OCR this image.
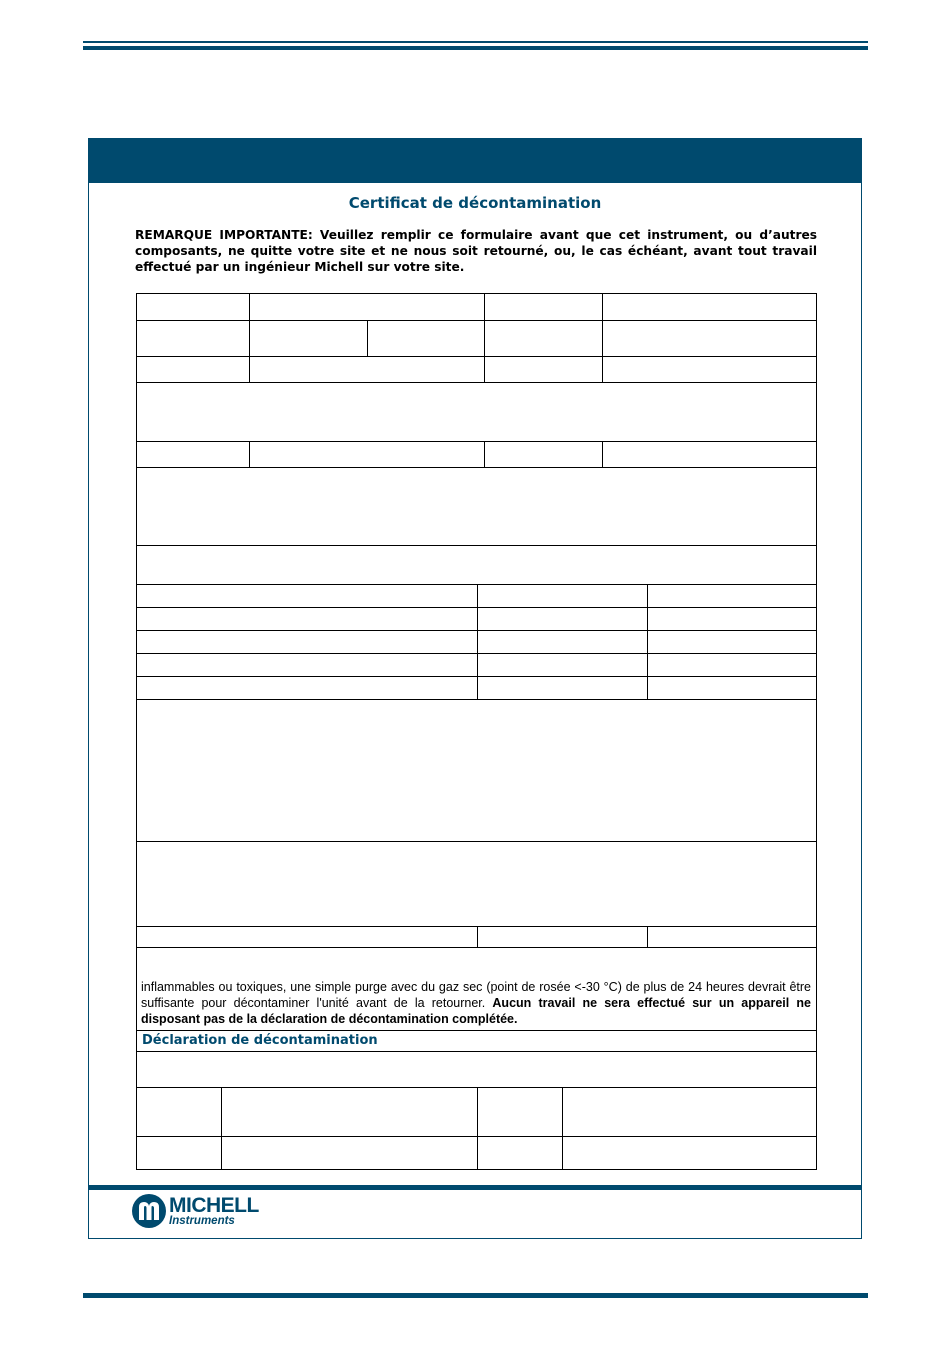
Certificat de décontamination
REMARQUE IMPORTANTE: Veuillez remplir ce formulaire avant que cet instrument, ou d’autres composants, ne quitte votre site et ne nous soit retourné, ou, le cas échéant, avant tout travail effectué par un ingénieur Michell sur votre site.
inflammables ou toxiques, une simple purge avec du gaz sec (point de rosée <-30 °C) de plus de 24 heures devrait être suffisante pour décontaminer l'unité avant de la retourner. Aucun travail ne sera effectué sur un appareil ne disposant pas de la déclaration de décontamination complétée.
Déclaration de décontamination
MICHELL
Instruments
